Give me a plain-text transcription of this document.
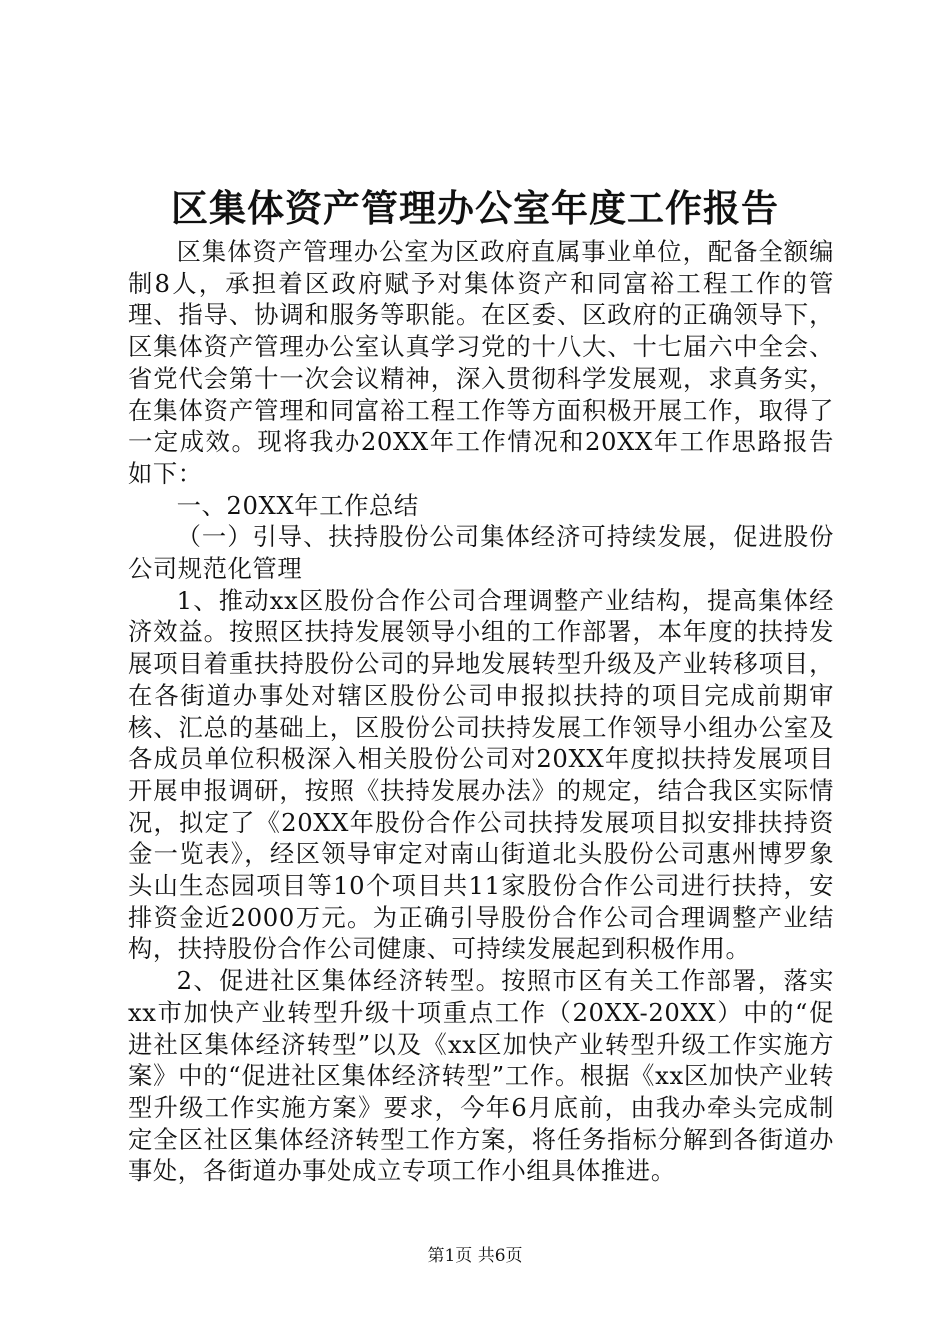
区集体资产管理办公室年度工作报告

区集体资产管理办公室为区政府直属事业单位，配备全额编制8人，承担着区政府赋予对集体资产和同富裕工程工作的管理、指导、协调和服务等职能。在区委、区政府的正确领导下，区集体资产管理办公室认真学习党的十八大、十七届六中全会、省党代会第十一次会议精神，深入贯彻科学发展观，求真务实，在集体资产管理和同富裕工程工作等方面积极开展工作，取得了一定成效。现将我办20XX年工作情况和20XX年工作思路报告如下：

一、20XX年工作总结

（一）引导、扶持股份公司集体经济可持续发展，促进股份公司规范化管理

1、推动xx区股份合作公司合理调整产业结构，提高集体经济效益。按照区扶持发展领导小组的工作部署，本年度的扶持发展项目着重扶持股份公司的异地发展转型升级及产业转移项目，在各街道办事处对辖区股份公司申报拟扶持的项目完成前期审核、汇总的基础上，区股份公司扶持发展工作领导小组办公室及各成员单位积极深入相关股份公司对20XX年度拟扶持发展项目开展申报调研，按照《扶持发展办法》的规定，结合我区实际情况，拟定了《20XX年股份合作公司扶持发展项目拟安排扶持资金一览表》，经区领导审定对南山街道北头股份公司惠州博罗象头山生态园项目等10个项目共11家股份合作公司进行扶持，安排资金近2000万元。为正确引导股份合作公司合理调整产业结构，扶持股份合作公司健康、可持续发展起到积极作用。

2、促进社区集体经济转型。按照市区有关工作部署，落实xx市加快产业转型升级十项重点工作（20XX-20XX）中的“促进社区集体经济转型”以及《xx区加快产业转型升级工作实施方案》中的“促进社区集体经济转型”工作。根据《xx区加快产业转型升级工作实施方案》要求，今年6月底前，由我办牵头完成制定全区社区集体经济转型工作方案，将任务指标分解到各街道办事处，各街道办事处成立专项工作小组具体推进。

第1页 共6页
